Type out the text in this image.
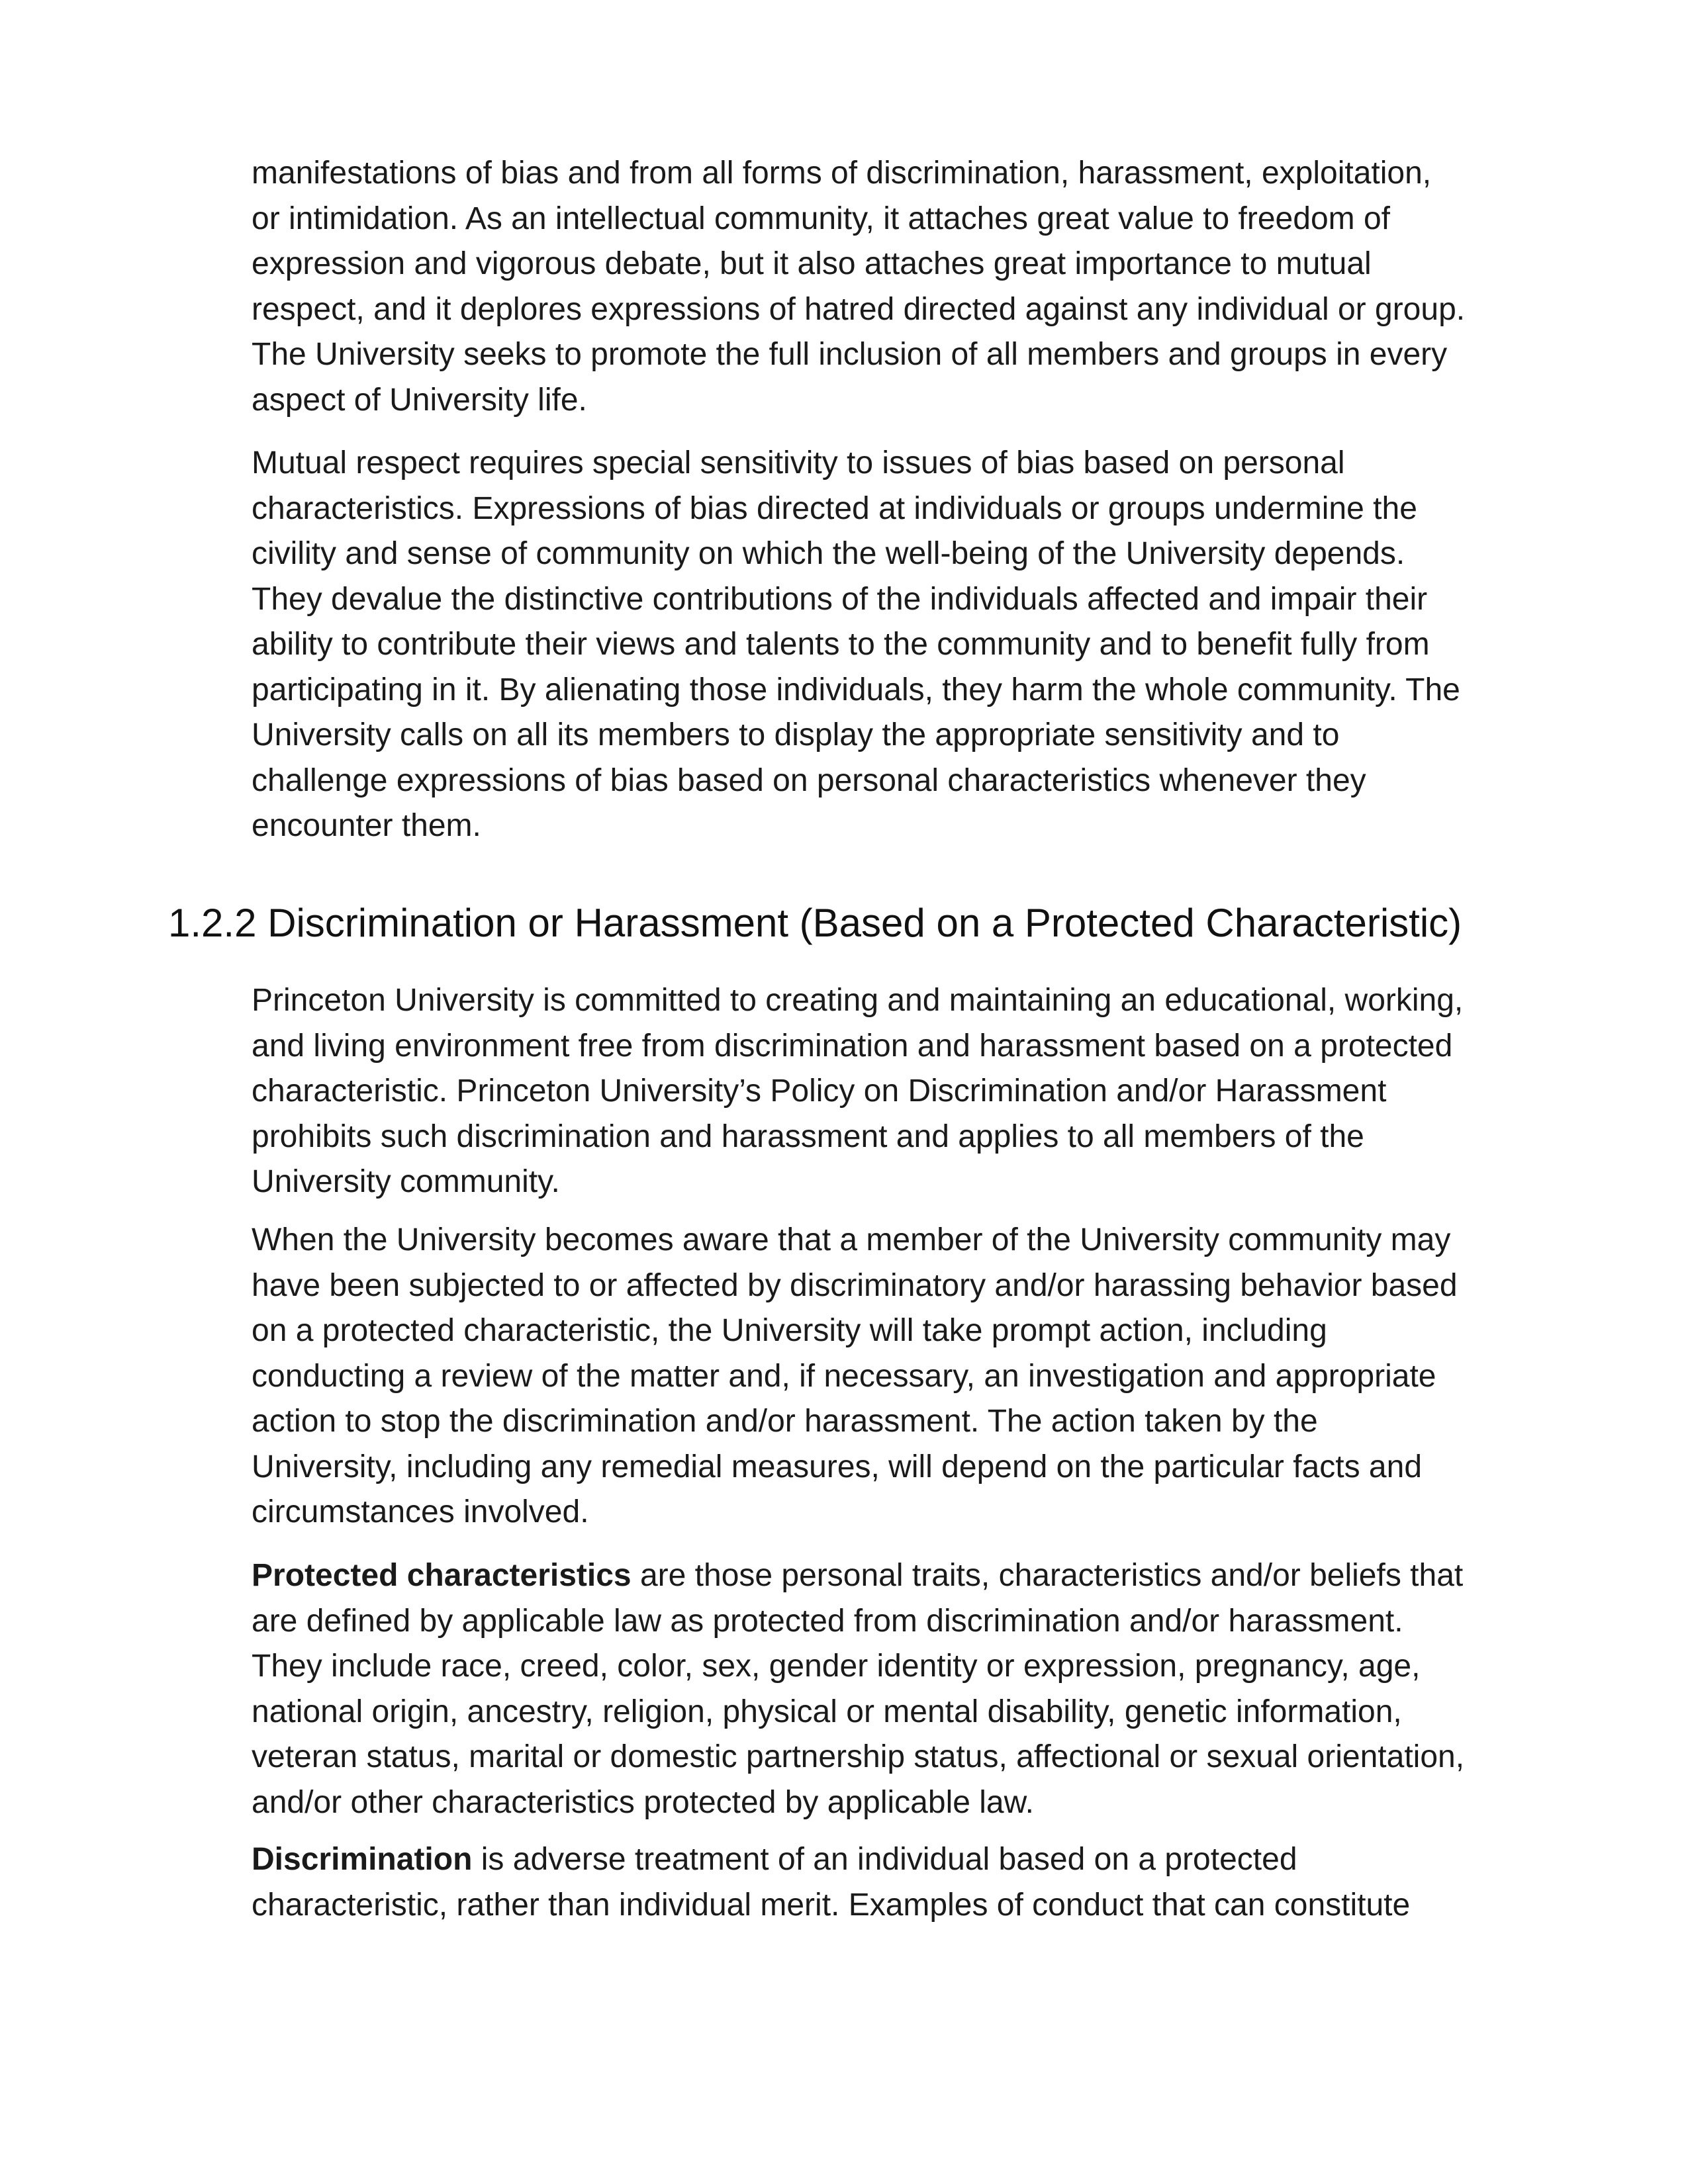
manifestations of bias and from all forms of discrimination, harassment, exploitation,
or intimidation. As an intellectual community, it attaches great value to freedom of
expression and vigorous debate, but it also attaches great importance to mutual
respect, and it deplores expressions of hatred directed against any individual or group.
The University seeks to promote the full inclusion of all members and groups in every
aspect of University life.
Mutual respect requires special sensitivity to issues of bias based on personal
characteristics. Expressions of bias directed at individuals or groups undermine the
civility and sense of community on which the well-being of the University depends.
They devalue the distinctive contributions of the individuals affected and impair their
ability to contribute their views and talents to the community and to benefit fully from
participating in it. By alienating those individuals, they harm the whole community. The
University calls on all its members to display the appropriate sensitivity and to
challenge expressions of bias based on personal characteristics whenever they
encounter them.
1.2.2 Discrimination or Harassment (Based on a Protected Characteristic)
Princeton University is committed to creating and maintaining an educational, working,
and living environment free from discrimination and harassment based on a protected
characteristic. Princeton University’s Policy on Discrimination and/or Harassment
prohibits such discrimination and harassment and applies to all members of the
University community.
When the University becomes aware that a member of the University community may
have been subjected to or affected by discriminatory and/or harassing behavior based
on a protected characteristic, the University will take prompt action, including
conducting a review of the matter and, if necessary, an investigation and appropriate
action to stop the discrimination and/or harassment. The action taken by the
University, including any remedial measures, will depend on the particular facts and
circumstances involved.
Protected characteristics are those personal traits, characteristics and/or beliefs that
are defined by applicable law as protected from discrimination and/or harassment.
They include race, creed, color, sex, gender identity or expression, pregnancy, age,
national origin, ancestry, religion, physical or mental disability, genetic information,
veteran status, marital or domestic partnership status, affectional or sexual orientation,
and/or other characteristics protected by applicable law.
Discrimination is adverse treatment of an individual based on a protected
characteristic, rather than individual merit. Examples of conduct that can constitute
